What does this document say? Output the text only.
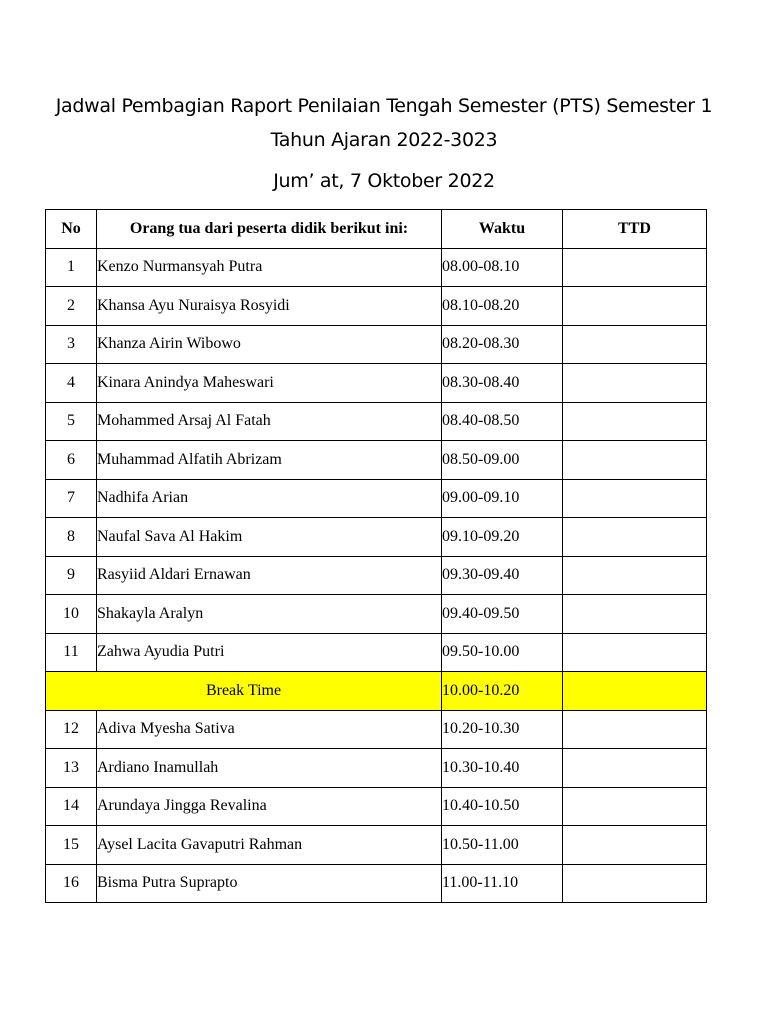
Jadwal Pembagian Raport Penilaian Tengah Semester (PTS) Semester 1
Tahun Ajaran 2022-3023
Jum’ at, 7 Oktober 2022
No	Orang tua dari peserta didik berikut ini:	Waktu	TTD
1	Kenzo Nurmansyah Putra	08.00-08.10	
2	Khansa Ayu Nuraisya Rosyidi	08.10-08.20	
3	Khanza Airin Wibowo	08.20-08.30	
4	Kinara Anindya Maheswari	08.30-08.40	
5	Mohammed Arsaj Al Fatah	08.40-08.50	
6	Muhammad Alfatih Abrizam	08.50-09.00	
7	Nadhifa Arian	09.00-09.10	
8	Naufal Sava Al Hakim	09.10-09.20	
9	Rasyiid Aldari Ernawan	09.30-09.40	
10	Shakayla Aralyn	09.40-09.50	
11	Zahwa Ayudia Putri	09.50-10.00	
Break Time		10.00-10.20	
12	Adiva Myesha Sativa	10.20-10.30	
13	Ardiano Inamullah	10.30-10.40	
14	Arundaya Jingga Revalina	10.40-10.50	
15	Aysel Lacita Gavaputri Rahman	10.50-11.00	
16	Bisma Putra Suprapto	11.00-11.10	
